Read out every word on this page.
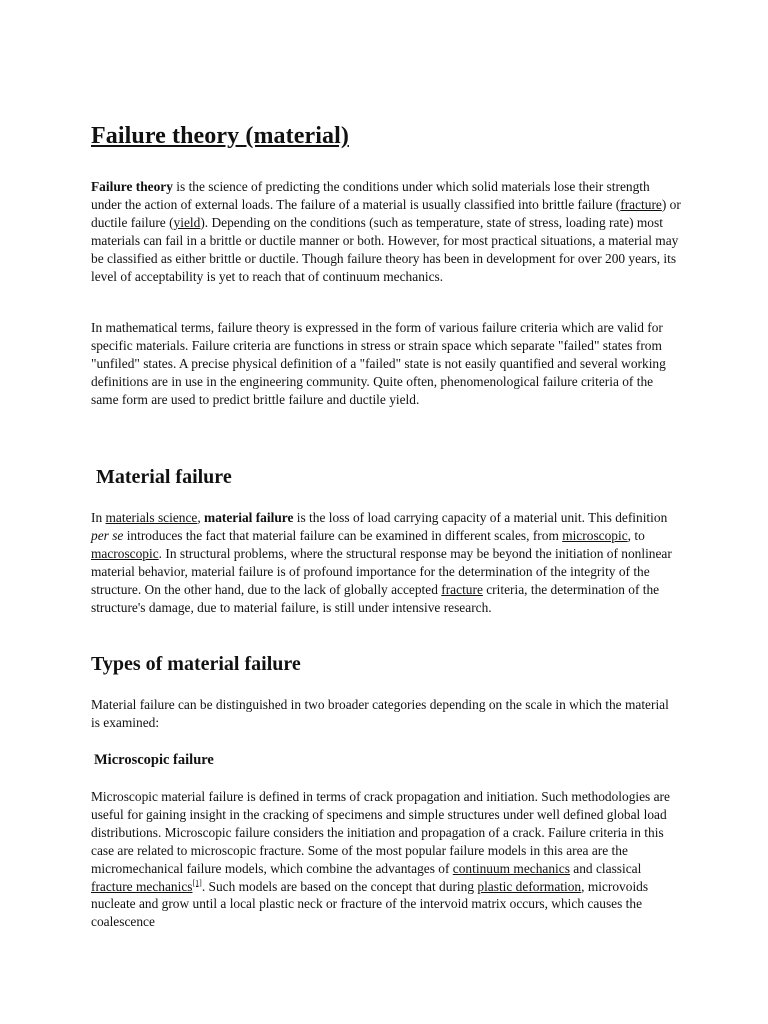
Failure theory (material)

Failure theory is the science of predicting the conditions under which solid materials lose their strength under the action of external loads. The failure of a material is usually classified into brittle failure (fracture) or ductile failure (yield). Depending on the conditions (such as temperature, state of stress, loading rate) most materials can fail in a brittle or ductile manner or both. However, for most practical situations, a material may be classified as either brittle or ductile. Though failure theory has been in development for over 200 years, its level of acceptability is yet to reach that of continuum mechanics.

In mathematical terms, failure theory is expressed in the form of various failure criteria which are valid for specific materials. Failure criteria are functions in stress or strain space which separate "failed" states from "unfiled" states. A precise physical definition of a "failed" state is not easily quantified and several working definitions are in use in the engineering community. Quite often, phenomenological failure criteria of the same form are used to predict brittle failure and ductile yield.

Material failure

In materials science, material failure is the loss of load carrying capacity of a material unit. This definition per se introduces the fact that material failure can be examined in different scales, from microscopic, to macroscopic. In structural problems, where the structural response may be beyond the initiation of nonlinear material behavior, material failure is of profound importance for the determination of the integrity of the structure. On the other hand, due to the lack of globally accepted fracture criteria, the determination of the structure's damage, due to material failure, is still under intensive research.

Types of material failure

Material failure can be distinguished in two broader categories depending on the scale in which the material is examined:

Microscopic failure

Microscopic material failure is defined in terms of crack propagation and initiation. Such methodologies are useful for gaining insight in the cracking of specimens and simple structures under well defined global load distributions. Microscopic failure considers the initiation and propagation of a crack. Failure criteria in this case are related to microscopic fracture. Some of the most popular failure models in this area are the micromechanical failure models, which combine the advantages of continuum mechanics and classical fracture mechanics[1]. Such models are based on the concept that during plastic deformation, microvoids nucleate and grow until a local plastic neck or fracture of the intervoid matrix occurs, which causes the coalescence
